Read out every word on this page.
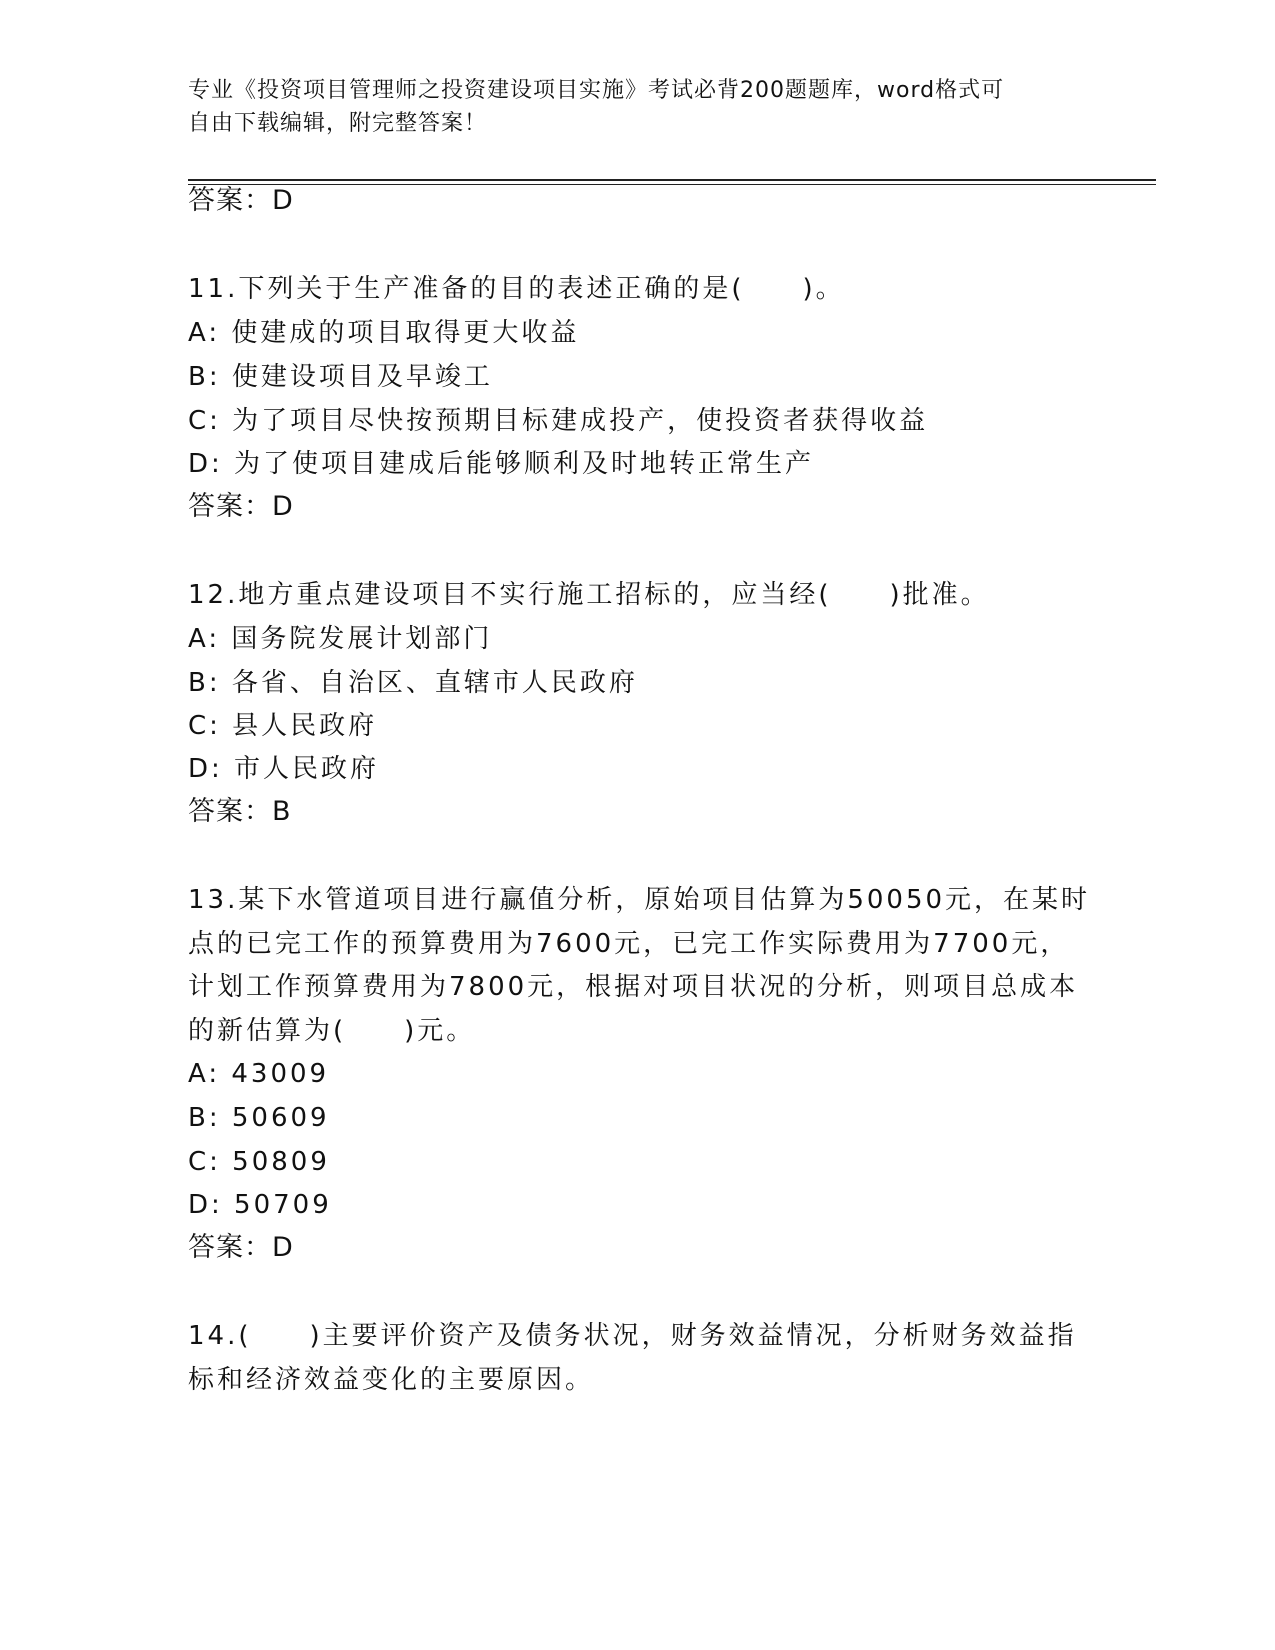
专业《投资项目管理师之投资建设项目实施》考试必背200题题库，word格式可
自由下载编辑，附完整答案！
答案：D
11.下列关于生产准备的目的表述正确的是(　　)。
A: 使建成的项目取得更大收益
B: 使建设项目及早竣工
C: 为了项目尽快按预期目标建成投产，使投资者获得收益
D: 为了使项目建成后能够顺利及时地转正常生产
答案：D
12.地方重点建设项目不实行施工招标的，应当经(　　)批准。
A: 国务院发展计划部门
B: 各省、自治区、直辖市人民政府
C: 县人民政府
D: 市人民政府
答案：B
13.某下水管道项目进行赢值分析，原始项目估算为50050元，在某时
点的已完工作的预算费用为7600元，已完工作实际费用为7700元，
计划工作预算费用为7800元，根据对项目状况的分析，则项目总成本
的新估算为(　　)元。
A: 43009
B: 50609
C: 50809
D: 50709
答案：D
14.(　　)主要评价资产及债务状况，财务效益情况，分析财务效益指
标和经济效益变化的主要原因。
